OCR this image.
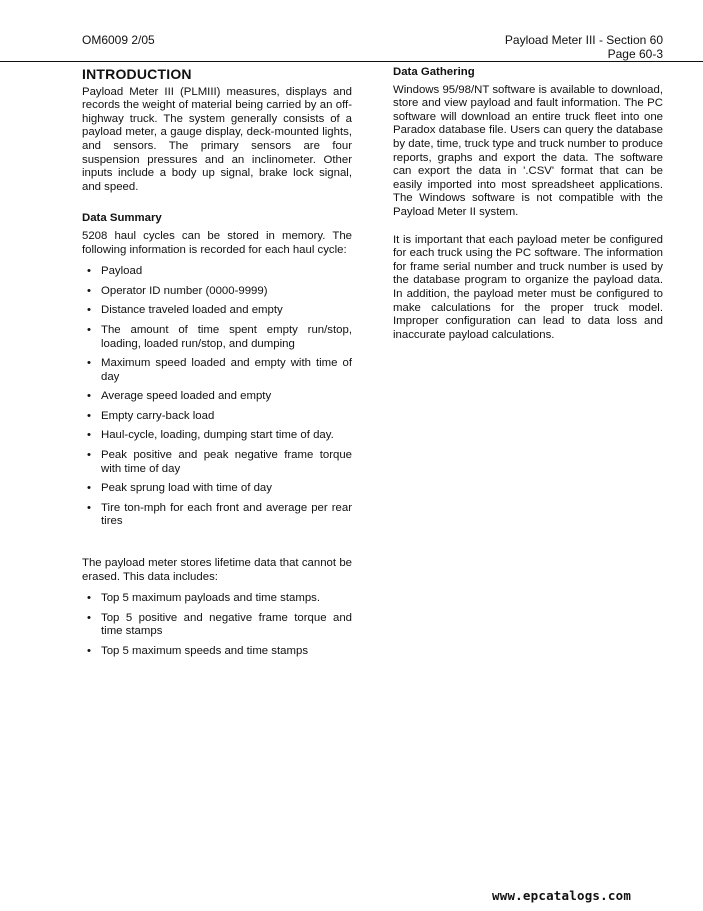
OM6009 2/05	Payload Meter III - Section 60
Page 60-3
INTRODUCTION

Payload Meter III (PLMIII) measures, displays and records the weight of material being carried by an off-highway truck. The system generally consists of a payload meter, a gauge display, deck-mounted lights, and sensors. The primary sensors are four suspension pressures and an inclinometer. Other inputs include a body up signal, brake lock signal, and speed.

Data Summary

5208 haul cycles can be stored in memory. The following information is recorded for each haul cycle:

• Payload
• Operator ID number (0000-9999)
• Distance traveled loaded and empty
• The amount of time spent empty run/stop, loading, loaded run/stop, and dumping
• Maximum speed loaded and empty with time of day
• Average speed loaded and empty
• Empty carry-back load
• Haul-cycle, loading, dumping start time of day.
• Peak positive and peak negative frame torque with time of day
• Peak sprung load with time of day
• Tire ton-mph for each front and average per rear tires

The payload meter stores lifetime data that cannot be erased. This data includes:

• Top 5 maximum payloads and time stamps.
• Top 5 positive and negative frame torque and time stamps
• Top 5 maximum speeds and time stamps
Data Gathering

Windows 95/98/NT software is available to download, store and view payload and fault information. The PC software will download an entire truck fleet into one Paradox database file. Users can query the database by date, time, truck type and truck number to produce reports, graphs and export the data. The software can export the data in '.CSV' format that can be easily imported into most spreadsheet applications. The Windows software is not compatible with the Payload Meter II system.

It is important that each payload meter be configured for each truck using the PC software. The information for frame serial number and truck number is used by the database program to organize the payload data. In addition, the payload meter must be configured to make calculations for the proper truck model. Improper configuration can lead to data loss and inaccurate payload calculations.

www.epcatalogs.com
